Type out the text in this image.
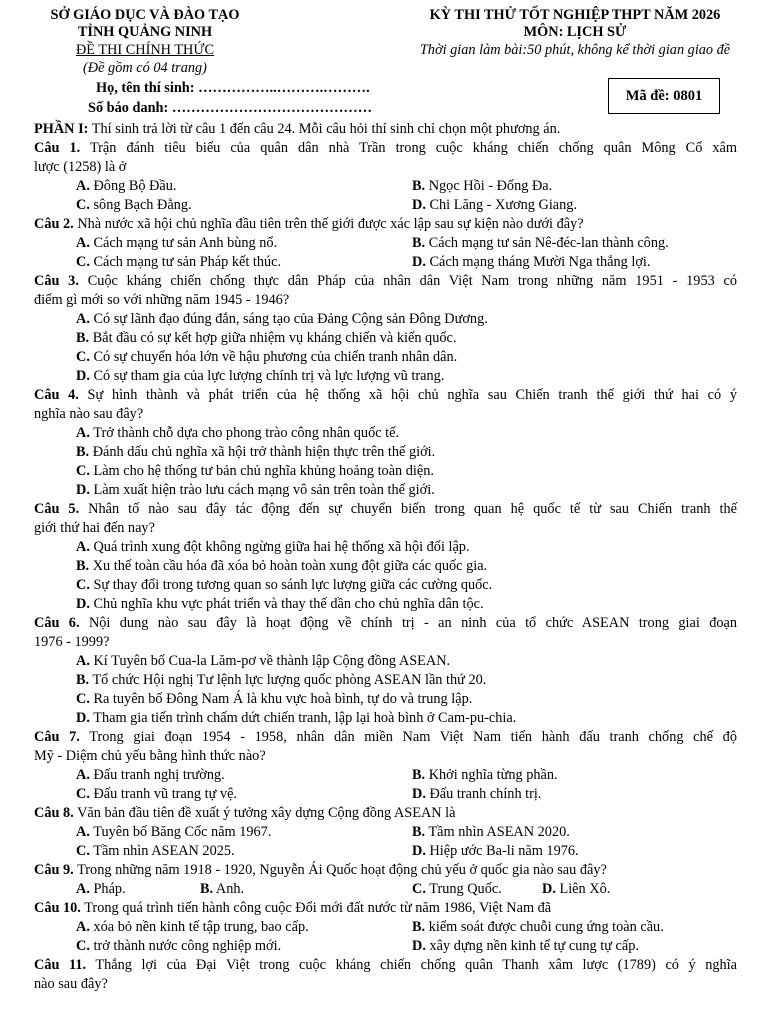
SỞ GIÁO DỤC VÀ ĐÀO TẠO
TỈNH QUẢNG NINH
ĐỀ THI CHÍNH THỨC
(Đề gồm có 04 trang)
KỲ THI THỬ TỐT NGHIỆP THPT NĂM 2026
MÔN: LỊCH SỬ
Thời gian làm bài:50 phút, không kể thời gian giao đề
Họ, tên thí sinh: ……………..……….……….
Số báo danh: ……………………………………
Mã đề: 0801

PHẦN I: Thí sinh trả lời từ câu 1 đến câu 24. Mỗi câu hỏi thí sinh chỉ chọn một phương án.

Câu 1. Trận đánh tiêu biểu của quân dân nhà Trần trong cuộc kháng chiến chống quân Mông Cổ xâm

lược (1258) là ở

A. Đông Bộ Đầu.	B. Ngọc Hồi - Đống Đa.
C. sông Bạch Đằng.	D. Chi Lăng - Xương Giang.

Câu 2. Nhà nước xã hội chủ nghĩa đầu tiên trên thế giới được xác lập sau sự kiện nào dưới đây?

A. Cách mạng tư sản Anh bùng nổ.	B. Cách mạng tư sản Nê-đéc-lan thành công.
C. Cách mạng tư sản Pháp kết thúc.	D. Cách mạng tháng Mười Nga thắng lợi.

Câu 3. Cuộc kháng chiến chống thực dân Pháp của nhân dân Việt Nam trong những năm 1951 - 1953 có

điểm gì mới so với những năm 1945 - 1946?

A. Có sự lãnh đạo đúng đắn, sáng tạo của Đảng Cộng sản Đông Dương.

B. Bắt đầu có sự kết hợp giữa nhiệm vụ kháng chiến và kiến quốc.

C. Có sự chuyển hóa lớn về hậu phương của chiến tranh nhân dân.

D. Có sự tham gia của lực lượng chính trị và lực lượng vũ trang.

Câu 4. Sự hình thành và phát triển của hệ thống xã hội chủ nghĩa sau Chiến tranh thế giới thứ hai có ý

nghĩa nào sau đây?

A. Trở thành chỗ dựa cho phong trào công nhân quốc tế.

B. Đánh dấu chủ nghĩa xã hội trở thành hiện thực trên thế giới.

C. Làm cho hệ thống tư bản chủ nghĩa khủng hoảng toàn diện.

D. Làm xuất hiện trào lưu cách mạng vô sản trên toàn thế giới.

Câu 5. Nhân tố nào sau đây tác động đến sự chuyển biến trong quan hệ quốc tế từ sau Chiến tranh thế

giới thứ hai đến nay?

A. Quá trình xung đột không ngừng giữa hai hệ thống xã hội đối lập.

B. Xu thế toàn cầu hóa đã xóa bỏ hoàn toàn xung đột giữa các quốc gia.

C. Sự thay đổi trong tương quan so sánh lực lượng giữa các cường quốc.

D. Chủ nghĩa khu vực phát triển và thay thế dần cho chủ nghĩa dân tộc.

Câu 6. Nội dung nào sau đây là hoạt động về chính trị - an ninh của tổ chức ASEAN trong giai đoạn

1976 - 1999?

A. Kí Tuyên bố Cua-la Lăm-pơ về thành lập Cộng đồng ASEAN.

B. Tổ chức Hội nghị Tư lệnh lực lượng quốc phòng ASEAN lần thứ 20.

C. Ra tuyên bố Đông Nam Á là khu vực hoà bình, tự do và trung lập.

D. Tham gia tiến trình chấm dứt chiến tranh, lập lại hoà bình ở Cam-pu-chia.

Câu 7. Trong giai đoạn 1954 - 1958, nhân dân miền Nam Việt Nam tiến hành đấu tranh chống chế độ

Mỹ - Diệm chủ yếu bằng hình thức nào?

A. Đấu tranh nghị trường.	B. Khởi nghĩa từng phần.
C. Đấu tranh vũ trang tự vệ.	D. Đấu tranh chính trị.

Câu 8. Văn bản đầu tiên đề xuất ý tưởng xây dựng Cộng đồng ASEAN là

A. Tuyên bố Băng Cốc năm 1967.	B. Tầm nhìn ASEAN 2020.
C. Tầm nhìn ASEAN 2025.	D. Hiệp ước Ba-li năm 1976.

Câu 9. Trong những năm 1918 - 1920, Nguyễn Ái Quốc hoạt động chủ yếu ở quốc gia nào sau đây?

A. Pháp.	B. Anh.	C. Trung Quốc.	D. Liên Xô.

Câu 10. Trong quá trình tiến hành công cuộc Đổi mới đất nước từ năm 1986, Việt Nam đã

A. xóa bỏ nền kinh tế tập trung, bao cấp.	B. kiểm soát được chuỗi cung ứng toàn cầu.
C. trở thành nước công nghiệp mới.	D. xây dựng nền kinh tế tự cung tự cấp.

Câu 11. Thắng lợi của Đại Việt trong cuộc kháng chiến chống quân Thanh xâm lược (1789) có ý nghĩa

nào sau đây?
